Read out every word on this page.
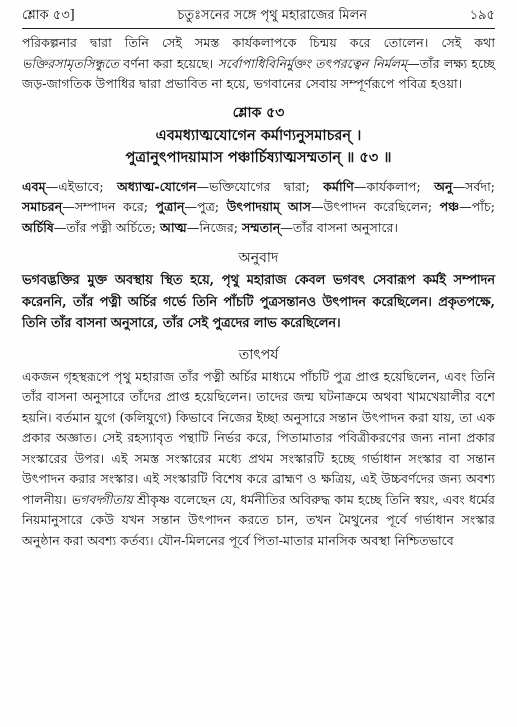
শ্লোক ৫৩]	চতুঃসনের সঙ্গে পৃথু মহারাজের মিলন	১৯৫

পরিকল্পনার দ্বারা তিনি সেই সমস্ত কার্যকলাপকে চিন্ময় করে তোলেন। সেই কথা ভক্তিরসামৃতসিন্ধুতে বর্ণনা করা হয়েছে। সর্বোপাধিবিনির্মুক্তং তৎপরত্বেন নির্মলম্‌—তাঁর লক্ষ্য হচ্ছে জড়-জাগতিক উপাধির দ্বারা প্রভাবিত না হয়ে, ভগবানের সেবায় সম্পূর্ণরূপে পবিত্র হওয়া।

শ্লোক ৫৩
এবমধ্যাত্মযোগেন কর্মাণ্যনুসমাচরন্‌ ।
পুত্রানুৎপাদয়ামাস পঞ্চার্চিষ্যাত্মসম্মতান্‌ ॥ ৫৩ ॥

এবম্‌—এইভাবে; অধ্যাত্ম-যোগেন—ভক্তিযোগের দ্বারা; কর্মাণি—কার্যকলাপ; অনু—সর্বদা; সমাচরন্‌—সম্পাদন করে; পুত্রান্‌—পুত্র; উৎপাদয়াম্‌ আস—উৎপাদন করেছিলেন; পঞ্চ—পাঁচ; অর্চিষি—তাঁর পত্নী অর্চিতে; আত্ম—নিজের; সম্মতান্‌—তাঁর বাসনা অনুসারে।

অনুবাদ

ভগবদ্ভক্তির মুক্ত অবস্থায় স্থিত হয়ে, পৃথু মহারাজ কেবল ভগবৎ সেবারূপ কর্মই সম্পাদন করেননি, তাঁর পত্নী অর্চির গর্ভে তিনি পাঁচটি পুত্রসন্তানও উৎপাদন করেছিলেন। প্রকৃতপক্ষে, তিনি তাঁর বাসনা অনুসারে, তাঁর সেই পুত্রদের লাভ করেছিলেন।

তাৎপর্য

একজন গৃহস্থরূপে পৃথু মহারাজ তাঁর পত্নী অর্চির মাধ্যমে পাঁচটি পুত্র প্রাপ্ত হয়েছিলেন, এবং তিনি তাঁর বাসনা অনুসারে তাঁদের প্রাপ্ত হয়েছিলেন। তাদের জন্ম ঘটনাক্রমে অথবা খামখেয়ালীর বশে হয়নি। বর্তমান যুগে (কলিযুগে) কিভাবে নিজের ইচ্ছা অনুসারে সন্তান উৎপাদন করা যায়, তা এক প্রকার অজ্ঞাত। সেই রহস্যাবৃত পন্থাটি নির্ভর করে, পিতামাতার পবিত্রীকরণের জন্য নানা প্রকার সংস্কারের উপর। এই সমস্ত সংস্কারের মধ্যে প্রথম সংস্কারটি হচ্ছে গর্ভাধান সংস্কার বা সন্তান উৎপাদন করার সংস্কার। এই সংস্কারটি বিশেষ করে ব্রাহ্মণ ও ক্ষত্রিয়, এই উচ্চবর্ণদের জন্য অবশ্য পালনীয়। ভগবদ্গীতায় শ্রীকৃষ্ণ বলেছেন যে, ধর্মনীতির অবিরুদ্ধ কাম হচ্ছে তিনি স্বয়ং, এবং ধর্মের নিয়মানুসারে কেউ যখন সন্তান উৎপাদন করতে চান, তখন মৈথুনের পূর্বে গর্ভাধান সংস্কার অনুষ্ঠান করা অবশ্য কর্তব্য। যৌন-মিলনের পূর্বে পিতা-মাতার মানসিক অবস্থা নিশ্চিতভাবে
